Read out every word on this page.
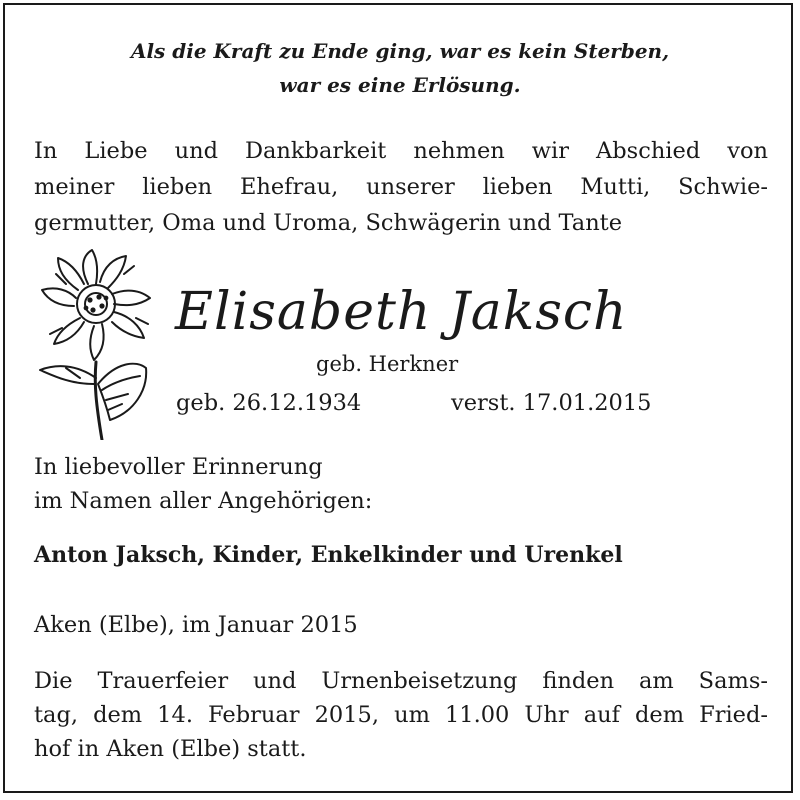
Als die Kraft zu Ende ging, war es kein Sterben,
war es eine Erlösung.
In Liebe und Dankbarkeit nehmen wir Abschied von
meiner lieben Ehefrau, unserer lieben Mutti, Schwie-
germutter, Oma und Uroma, Schwägerin und Tante
Elisabeth Jaksch
geb. Herkner
geb. 26.12.1934	verst. 17.01.2015
In liebevoller Erinnerung
im Namen aller Angehörigen:
Anton Jaksch, Kinder, Enkelkinder und Urenkel
Aken (Elbe), im Januar 2015
Die Trauerfeier und Urnenbeisetzung finden am Sams-
tag, dem 14. Februar 2015, um 11.00 Uhr auf dem Fried-
hof in Aken (Elbe) statt.
